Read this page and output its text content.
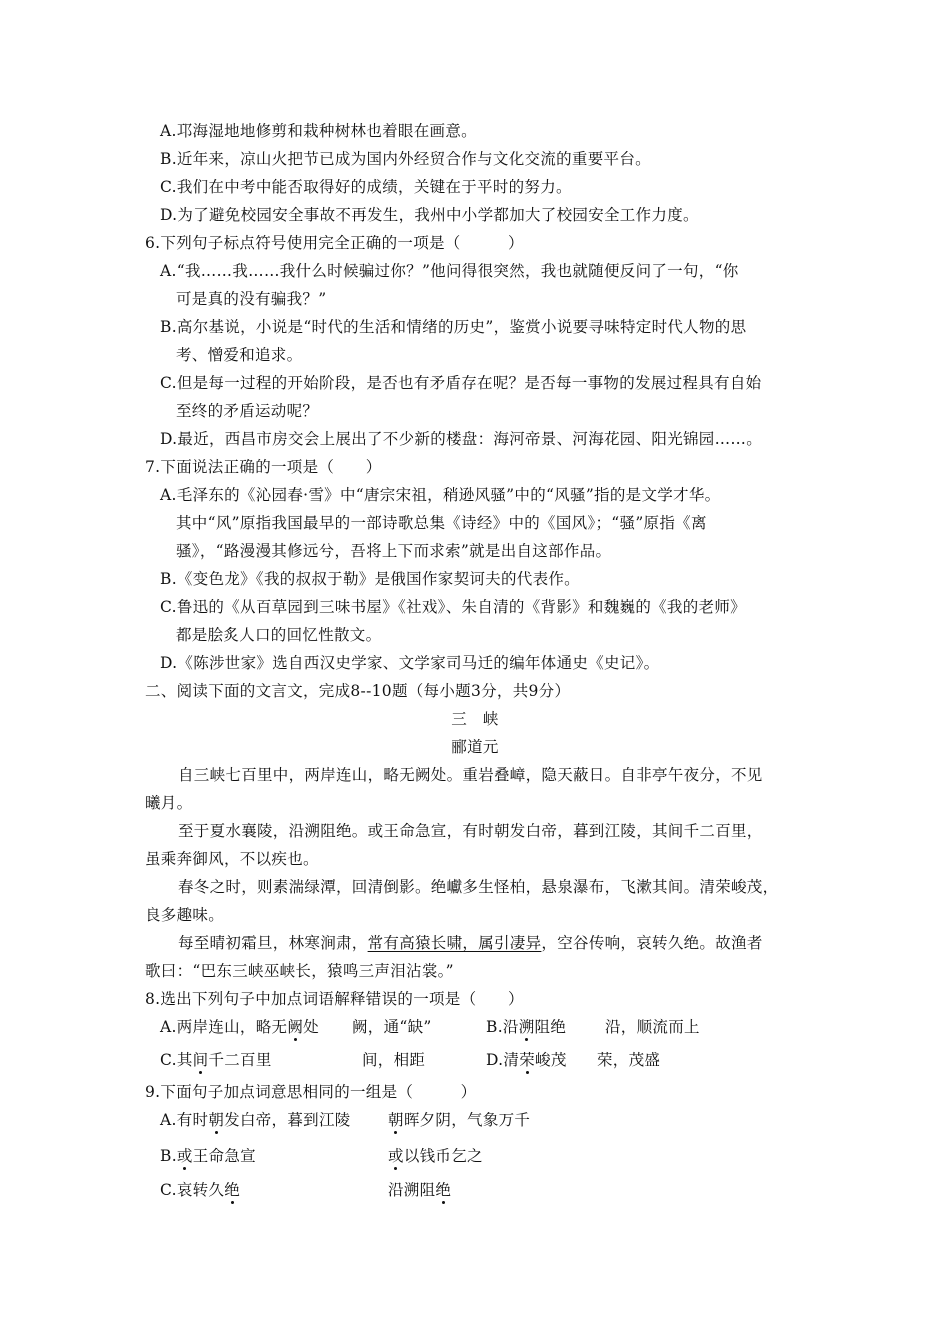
A.邛海湿地地修剪和栽种树林也着眼在画意。
B.近年来，凉山火把节已成为国内外经贸合作与文化交流的重要平台。
C.我们在中考中能否取得好的成绩，关键在于平时的努力。
D.为了避免校园安全事故不再发生，我州中小学都加大了校园安全工作力度。
6.下列句子标点符号使用完全正确的一项是（　　　）
A.“我……我……我什么时候骗过你？”他问得很突然，我也就随便反问了一句，“你
可是真的没有骗我？”
B.高尔基说，小说是“时代的生活和情绪的历史”，鉴赏小说要寻味特定时代人物的思
考、憎爱和追求。
C.但是每一过程的开始阶段，是否也有矛盾存在呢？是否每一事物的发展过程具有自始
至终的矛盾运动呢？
D.最近，西昌市房交会上展出了不少新的楼盘：海河帝景、河海花园、阳光锦园……。
7.下面说法正确的一项是（　　）
A.毛泽东的《沁园春·雪》中“唐宗宋祖，稍逊风骚”中的“风骚”指的是文学才华。
其中“风”原指我国最早的一部诗歌总集《诗经》中的《国风》；“骚”原指《离
骚》，“路漫漫其修远兮，吾将上下而求索”就是出自这部作品。
B.《变色龙》《我的叔叔于勒》是俄国作家契诃夫的代表作。
C.鲁迅的《从百草园到三味书屋》《社戏》、朱自清的《背影》和魏巍的《我的老师》
都是脍炙人口的回忆性散文。
D.《陈涉世家》选自西汉史学家、文学家司马迁的编年体通史《史记》。
二、阅读下面的文言文，完成8--10题（每小题3分，共9分）
三　峡
郦道元
自三峡七百里中，两岸连山，略无阙处。重岩叠嶂，隐天蔽日。自非亭午夜分，不见
曦月。
至于夏水襄陵，沿溯阻绝。或王命急宣，有时朝发白帝，暮到江陵，其间千二百里，
虽乘奔御风，不以疾也。
春冬之时，则素湍绿潭，回清倒影。绝巘多生怪柏，悬泉瀑布，飞漱其间。清荣峻茂，
良多趣味。
每至晴初霜旦，林寒涧肃，常有高猿长啸，属引凄异，空谷传响，哀转久绝。故渔者
歌曰：“巴东三峡巫峡长，猿鸣三声泪沾裳。”
8.选出下列句子中加点词语解释错误的一项是（　　）
A.两岸连山，略无阙处 阙，通“缺”	B.沿溯阻绝	沿，顺流而上
C.其间千二百里	间，相距	D.清荣峻茂 荣，茂盛
9.下面句子加点词意思相同的一组是（　　　）
A.有时朝发白帝，暮到江陵 朝晖夕阴，气象万千
B.或王命急宣	或以钱币乞之
C.哀转久绝	沿溯阻绝
